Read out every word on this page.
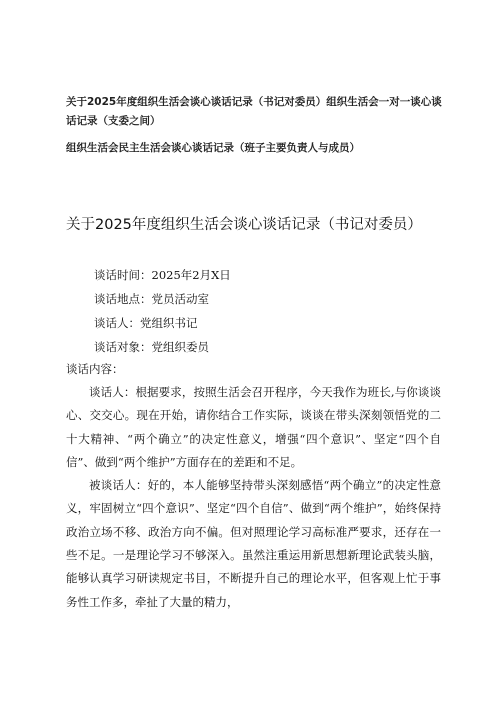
关于2025年度组织生活会谈心谈话记录（书记对委员）组织生活会一对一谈心谈话记录（支委之间）

组织生活会民主生活会谈心谈话记录（班子主要负责人与成员）

关于2025年度组织生活会谈心谈话记录（书记对委员）

谈话时间：2025年2月X日

谈话地点：党员活动室

谈话人：党组织书记

谈话对象：党组织委员

谈话内容：

谈话人：根据要求，按照生活会召开程序，今天我作为班长,与你谈谈心、交交心。现在开始，请你结合工作实际，谈谈在带头深刻领悟党的二十大精神、“两个确立”的决定性意义，增强“四个意识”、坚定“四个自信”、做到“两个维护”方面存在的差距和不足。

被谈话人：好的，本人能够坚持带头深刻感悟“两个确立”的决定性意义，牢固树立“四个意识”、坚定“四个自信”、做到“两个维护”，始终保持政治立场不移、政治方向不偏。但对照理论学习高标准严要求，还存在一些不足。一是理论学习不够深入。虽然注重运用新思想新理论武装头脑，能够认真学习研读规定书目，不断提升自己的理论水平，但客观上忙于事务性工作多，牵扯了大量的精力，
